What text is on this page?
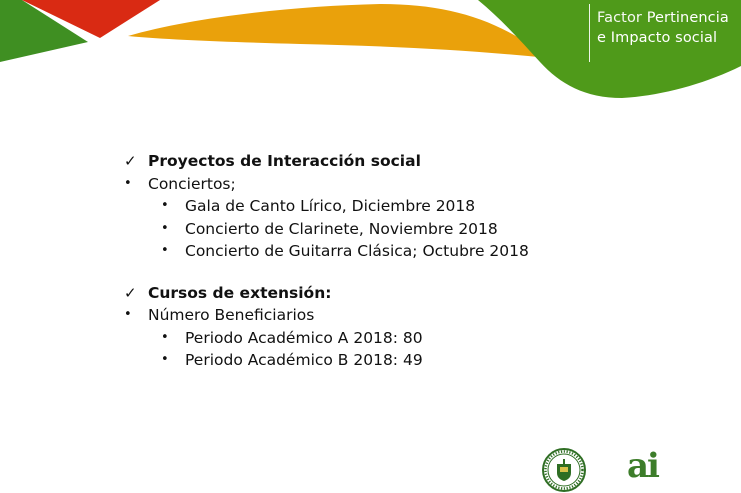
Factor Pertinencia
e Impacto social
✓ Proyectos de Interacción social
•	Conciertos;
•	Gala de Canto Lírico, Diciembre 2018
•	Concierto de Clarinete, Noviembre 2018
•	Concierto de Guitarra Clásica; Octubre 2018
✓ Cursos de extensión:
•	Número Beneficiarios
•	Periodo Académico A 2018: 80
•	Periodo Académico B 2018: 49
ai
